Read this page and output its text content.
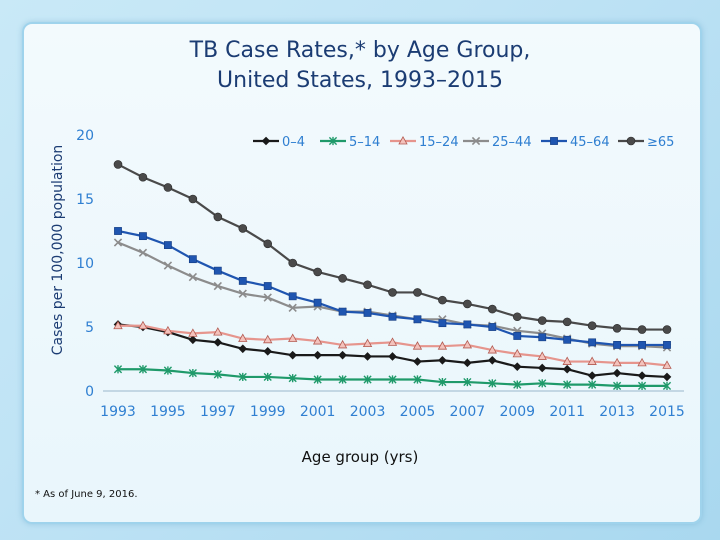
TB Case Rates,* by Age Group,
United States, 1993–2015
Cases per 100,000 population
Age group (yrs)
* As of June 9, 2016.
0
5
10
15
20
1993 1995 1997 1999 2001 2003 2005 2007 2009 2011 2013 2015
0–4	5–14	15–24	25–44	45–64	≥65
